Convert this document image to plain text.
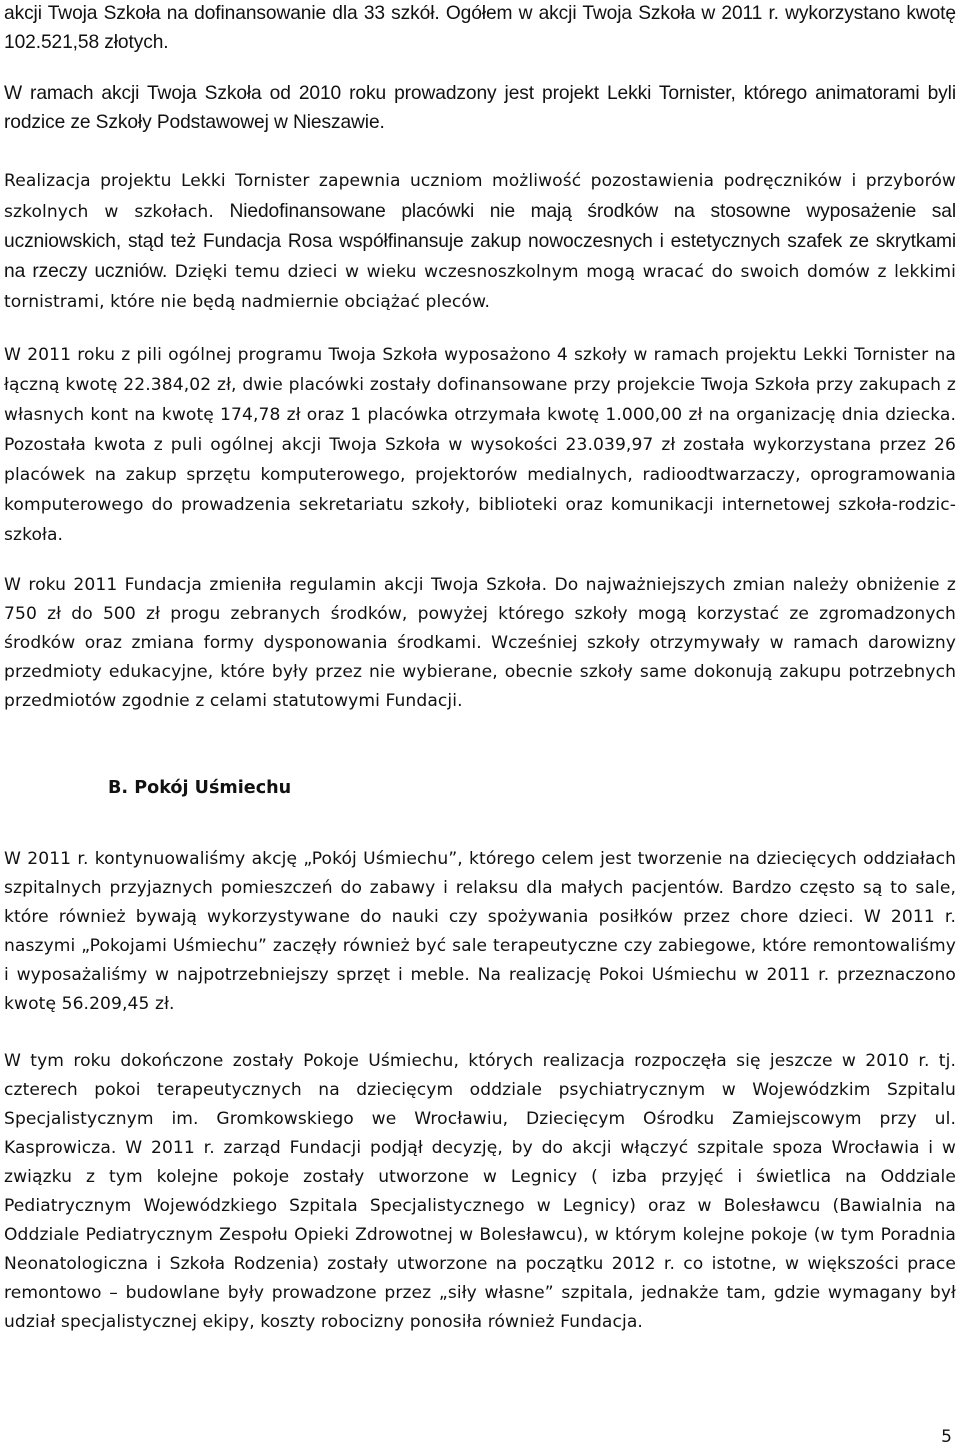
akcji Twoja Szkoła na dofinansowanie dla 33 szkół. Ogółem w akcji Twoja Szkoła w 2011 r. wykorzystano kwotę 102.521,58 złotych.

W ramach akcji Twoja Szkoła od 2010 roku prowadzony jest projekt Lekki Tornister, którego animatorami byli rodzice ze Szkoły Podstawowej w Nieszawie.

Realizacja projektu Lekki Tornister zapewnia uczniom możliwość pozostawienia podręczników i przyborów szkolnych w szkołach. Niedofinansowane placówki nie mają środków na stosowne wyposażenie sal uczniowskich, stąd też Fundacja Rosa współfinansuje zakup nowoczesnych i estetycznych szafek ze skrytkami na rzeczy uczniów. Dzięki temu dzieci w wieku wczesnoszkolnym mogą wracać do swoich domów z lekkimi tornistrami, które nie będą nadmiernie obciążać pleców.

W 2011 roku z pili ogólnej programu Twoja Szkoła wyposażono 4 szkoły w ramach projektu Lekki Tornister na łączną kwotę 22.384,02 zł, dwie placówki zostały dofinansowane przy projekcie Twoja Szkoła przy zakupach z własnych kont na kwotę 174,78 zł oraz 1 placówka otrzymała kwotę 1.000,00 zł na organizację dnia dziecka. Pozostała kwota z puli ogólnej akcji Twoja Szkoła w wysokości 23.039,97 zł została wykorzystana przez 26 placówek na zakup sprzętu komputerowego, projektorów medialnych, radioodtwarzaczy, oprogramowania komputerowego do prowadzenia sekretariatu szkoły, biblioteki oraz komunikacji internetowej szkoła-rodzic-szkoła.

W roku 2011 Fundacja zmieniła regulamin akcji Twoja Szkoła. Do najważniejszych zmian należy obniżenie z 750 zł do 500 zł progu zebranych środków, powyżej którego szkoły mogą korzystać ze zgromadzonych środków oraz zmiana formy dysponowania środkami. Wcześniej szkoły otrzymywały w ramach darowizny przedmioty edukacyjne, które były przez nie wybierane, obecnie szkoły same dokonują zakupu potrzebnych przedmiotów zgodnie z celami statutowymi Fundacji.

B. Pokój Uśmiechu

W 2011 r. kontynuowaliśmy akcję „Pokój Uśmiechu”, którego celem jest tworzenie na dziecięcych oddziałach szpitalnych przyjaznych pomieszczeń do zabawy i relaksu dla małych pacjentów. Bardzo często są to sale, które również bywają wykorzystywane do nauki czy spożywania posiłków przez chore dzieci. W 2011 r. naszymi „Pokojami Uśmiechu” zaczęły również być sale terapeutyczne czy zabiegowe, które remontowaliśmy i wyposażaliśmy w najpotrzebniejszy sprzęt i meble. Na realizację Pokoi Uśmiechu w 2011 r. przeznaczono kwotę 56.209,45 zł.

W tym roku dokończone zostały Pokoje Uśmiechu, których realizacja rozpoczęła się jeszcze w 2010 r. tj. czterech pokoi terapeutycznych na dziecięcym oddziale psychiatrycznym w Wojewódzkim Szpitalu Specjalistycznym im. Gromkowskiego we Wrocławiu, Dziecięcym Ośrodku Zamiejscowym przy ul. Kasprowicza. W 2011 r. zarząd Fundacji podjął decyzję, by do akcji włączyć szpitale spoza Wrocławia i w związku z tym kolejne pokoje zostały utworzone w Legnicy ( izba przyjęć i świetlica na Oddziale Pediatrycznym Wojewódzkiego Szpitala Specjalistycznego w Legnicy) oraz w Bolesławcu (Bawialnia na Oddziale Pediatrycznym Zespołu Opieki Zdrowotnej w Bolesławcu), w którym kolejne pokoje (w tym Poradnia Neonatologiczna i Szkoła Rodzenia) zostały utworzone na początku 2012 r. co istotne, w większości prace remontowo – budowlane były prowadzone przez „siły własne” szpitala, jednakże tam, gdzie wymagany był udział specjalistycznej ekipy, koszty robocizny ponosiła również Fundacja.

5
